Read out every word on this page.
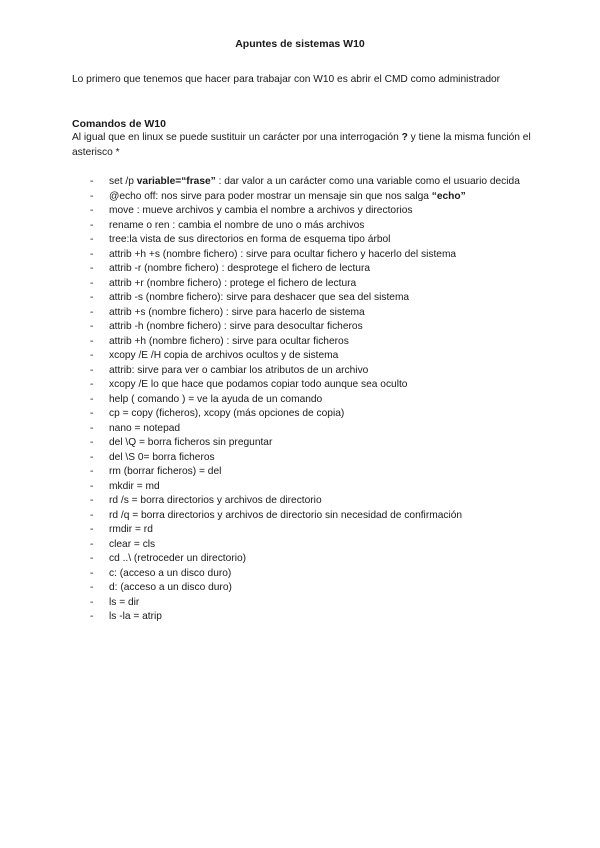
Apuntes de sistemas W10
Lo primero que tenemos que hacer para trabajar con W10 es abrir el CMD como administrador
Comandos de W10
Al igual que en linux se puede sustituir un carácter por una interrogación ? y tiene la misma función el asterisco *
- set /p variable=“frase” : dar valor a un carácter como una variable como el usuario decida
- @echo off: nos sirve para poder mostrar un mensaje sin que nos salga “echo”
- move : mueve archivos y cambia el nombre a archivos y directorios
- rename o ren : cambia el nombre de uno o más archivos
- tree:la vista de sus directorios en forma de esquema tipo árbol
- attrib +h +s (nombre fichero) : sirve para ocultar fichero y hacerlo del sistema
- attrib -r (nombre fichero) : desprotege el fichero de lectura
- attrib +r (nombre fichero) : protege el fichero de lectura
- attrib -s (nombre fichero): sirve para deshacer que sea del sistema
- attrib +s (nombre fichero) : sirve para hacerlo de sistema
- attrib -h (nombre fichero) : sirve para desocultar ficheros
- attrib +h (nombre fichero) : sirve para ocultar ficheros
- xcopy /E /H copia de archivos ocultos y de sistema
- attrib: sirve para ver o cambiar los atributos de un archivo
- xcopy /E lo que hace que podamos copiar todo aunque sea oculto
- help ( comando ) = ve la ayuda de un comando
- cp = copy (ficheros), xcopy (más opciones de copia)
- nano = notepad
- del \Q = borra ficheros sin preguntar
- del \S 0= borra ficheros
- rm (borrar ficheros) = del
- mkdir = md
- rd /s = borra directorios y archivos de directorio
- rd /q = borra directorios y archivos de directorio sin necesidad de confirmación
- rmdir = rd
- clear = cls
- cd ..\ (retroceder un directorio)
- c: (acceso a un disco duro)
- d: (acceso a un disco duro)
- ls = dir
- ls -la = atrip
